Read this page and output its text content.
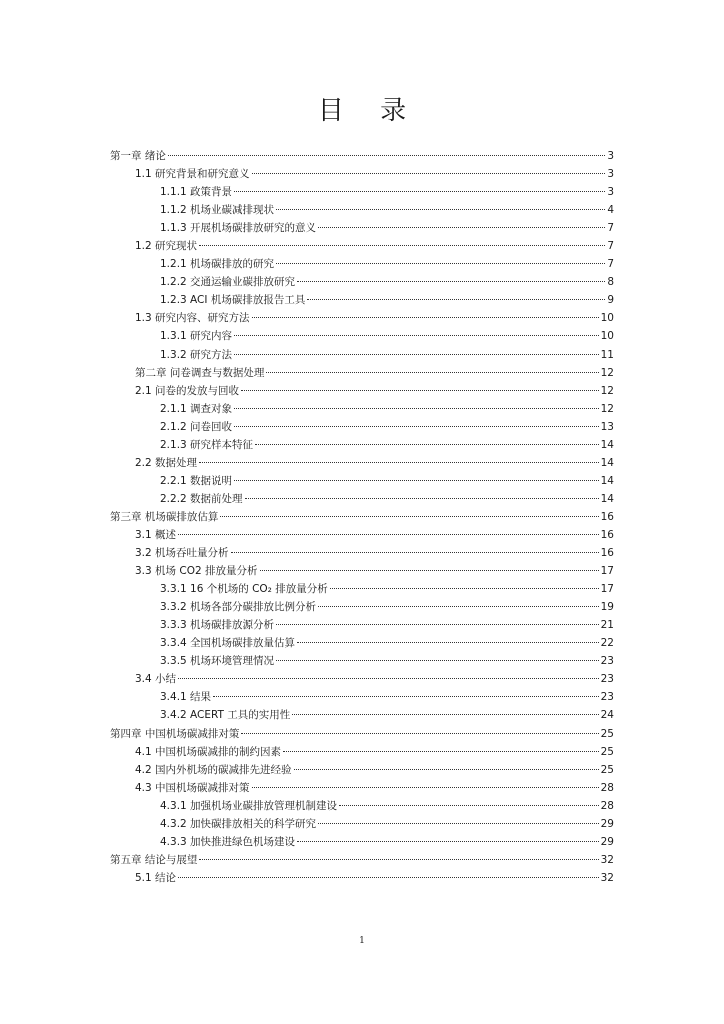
目 录
第一章 绪论	3
1.1 研究背景和研究意义	3
1.1.1 政策背景	3
1.1.2 机场业碳减排现状	4
1.1.3 开展机场碳排放研究的意义	7
1.2 研究现状	7
1.2.1 机场碳排放的研究	7
1.2.2 交通运输业碳排放研究	8
1.2.3 ACI 机场碳排放报告工具	9
1.3 研究内容、研究方法	10
1.3.1 研究内容	10
1.3.2 研究方法	11
第二章 问卷调查与数据处理	12
2.1 问卷的发放与回收	12
2.1.1 调查对象	12
2.1.2 问卷回收	13
2.1.3 研究样本特征	14
2.2 数据处理	14
2.2.1 数据说明	14
2.2.2 数据前处理	14
第三章 机场碳排放估算	16
3.1 概述	16
3.2 机场吞吐量分析	16
3.3 机场 CO2 排放量分析	17
3.3.1 16 个机场的 CO₂ 排放量分析	17
3.3.2 机场各部分碳排放比例分析	19
3.3.3 机场碳排放源分析	21
3.3.4 全国机场碳排放量估算	22
3.3.5 机场环境管理情况	23
3.4 小结	23
3.4.1 结果	23
3.4.2 ACERT 工具的实用性	24
第四章 中国机场碳减排对策	25
4.1 中国机场碳减排的制约因素	25
4.2 国内外机场的碳减排先进经验	25
4.3 中国机场碳减排对策	28
4.3.1 加强机场业碳排放管理机制建设	28
4.3.2 加快碳排放相关的科学研究	29
4.3.3 加快推进绿色机场建设	29
第五章 结论与展望	32
5.1 结论	32
1
